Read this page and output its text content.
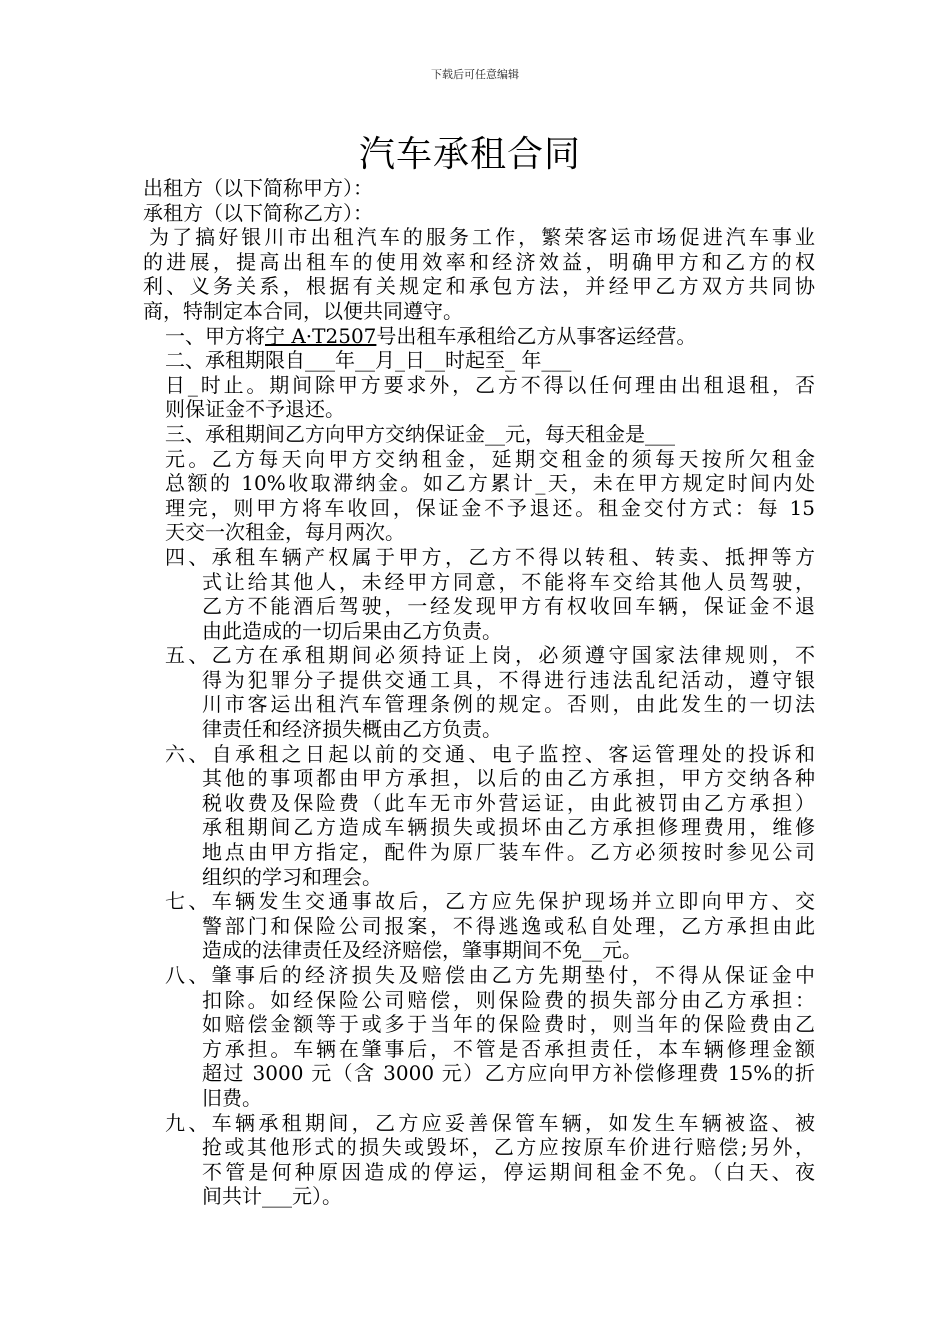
下载后可任意编辑
汽车承租合同
出租方（以下简称甲方）：
承租方（以下简称乙方）：
为了搞好银川市出租汽车的服务工作，繁荣客运市场促进汽车事业
的进展，提高出租车的使用效率和经济效益，明确甲方和乙方的权
利、义务关系，根据有关规定和承包方法，并经甲乙方双方共同协
商，特制定本合同，以便共同遵守。
一、甲方将宁 A·T2507号出租车承租给乙方从事客运经营。
二、承租期限自___年__月_日__时起至_ 年___
日_时止。期间除甲方要求外，乙方不得以任何理由出租退租，否
则保证金不予退还。
三、承租期间乙方向甲方交纳保证金__元，每天租金是___
元。乙方每天向甲方交纳租金，延期交租金的须每天按所欠租金
总额的 10%收取滞纳金。如乙方累计_天，未在甲方规定时间内处
理完，则甲方将车收回，保证金不予退还。租金交付方式：每 15
天交一次租金，每月两次。
四、承租车辆产权属于甲方，乙方不得以转租、转卖、抵押等方
式让给其他人，未经甲方同意，不能将车交给其他人员驾驶，
乙方不能酒后驾驶，一经发现甲方有权收回车辆，保证金不退
由此造成的一切后果由乙方负责。
五、乙方在承租期间必须持证上岗，必须遵守国家法律规则，不
得为犯罪分子提供交通工具，不得进行违法乱纪活动，遵守银
川市客运出租汽车管理条例的规定。否则，由此发生的一切法
律责任和经济损失概由乙方负责。
六、自承租之日起以前的交通、电子监控、客运管理处的投诉和
其他的事项都由甲方承担，以后的由乙方承担，甲方交纳各种
税收费及保险费（此车无市外营运证，由此被罚由乙方承担）
承租期间乙方造成车辆损失或损坏由乙方承担修理费用，维修
地点由甲方指定，配件为原厂装车件。乙方必须按时参见公司
组织的学习和理会。
七、车辆发生交通事故后，乙方应先保护现场并立即向甲方、交
警部门和保险公司报案，不得逃逸或私自处理，乙方承担由此
造成的法律责任及经济赔偿，肇事期间不免__元。
八、肇事后的经济损失及赔偿由乙方先期垫付，不得从保证金中
扣除。如经保险公司赔偿，则保险费的损失部分由乙方承担：
如赔偿金额等于或多于当年的保险费时，则当年的保险费由乙
方承担。车辆在肇事后，不管是否承担责任，本车辆修理金额
超过 3000 元（含 3000 元）乙方应向甲方补偿修理费 15%的折
旧费。
九、车辆承租期间，乙方应妥善保管车辆，如发生车辆被盗、被
抢或其他形式的损失或毁坏，乙方应按原车价进行赔偿;另外，
不管是何种原因造成的停运，停运期间租金不免。（白天、夜
间共计___元）。
